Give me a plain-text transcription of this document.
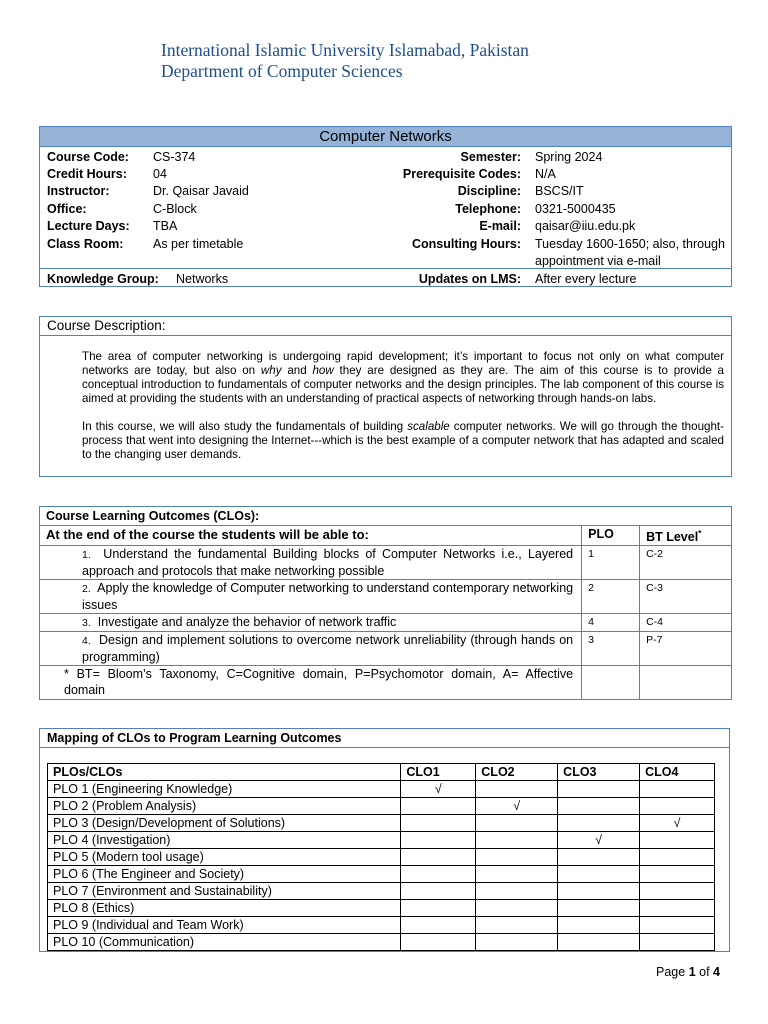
International Islamic University Islamabad, Pakistan
Department of Computer Sciences
Computer Networks
Course Code: CS-374	Semester: Spring 2024
Credit Hours: 04	Prerequisite Codes: N/A
Instructor:	Dr. Qaisar Javaid	Discipline: BSCS/IT
Office:	C-Block	Telephone: 0321-5000435
Lecture Days: TBA	E-mail: qaisar@iiu.edu.pk
Class Room: As per timetable	Consulting Hours: Tuesday 1600-1650; also, through appointment via e-mail
Knowledge Group: Networks	Updates on LMS: After every lecture
Course Description:

The area of computer networking is undergoing rapid development; it’s important to focus not only on what computer networks are today, but also on why and how they are designed as they are. The aim of this course is to provide a conceptual introduction to fundamentals of computer networks and the design principles. The lab component of this course is aimed at providing the students with an understanding of practical aspects of networking through hands-on labs.

In this course, we will also study the fundamentals of building scalable computer networks. We will go through the thought-process that went into designing the Internet---which is the best example of a computer network that has adapted and scaled to the changing user demands.

Course Learning Outcomes (CLOs):		
At the end of the course the students will be able to:	PLO	BT Level*
1. Understand the fundamental Building blocks of Computer Networks i.e., Layered approach and protocols that make networking possible	1	C-2
2. Apply the knowledge of Computer networking to understand contemporary networking issues	2	C-3
3. Investigate and analyze the behavior of network traffic	4	C-4
4. Design and implement solutions to overcome network unreliability (through hands on programming)	3	P-7
* BT= Bloom’s Taxonomy, C=Cognitive domain, P=Psychomotor domain, A= Affective domain		
Mapping of CLOs to Program Learning Outcomes
PLOs/CLOs	CLO1	CLO2	CLO3	CLO4
PLO 1 (Engineering Knowledge)	√			
PLO 2 (Problem Analysis)		√		
PLO 3 (Design/Development of Solutions)				√
PLO 4 (Investigation)			√	
PLO 5 (Modern tool usage)				
PLO 6 (The Engineer and Society)				
PLO 7 (Environment and Sustainability)				
PLO 8 (Ethics)				
PLO 9 (Individual and Team Work)				
PLO 10 (Communication)				
Page 1 of 4
